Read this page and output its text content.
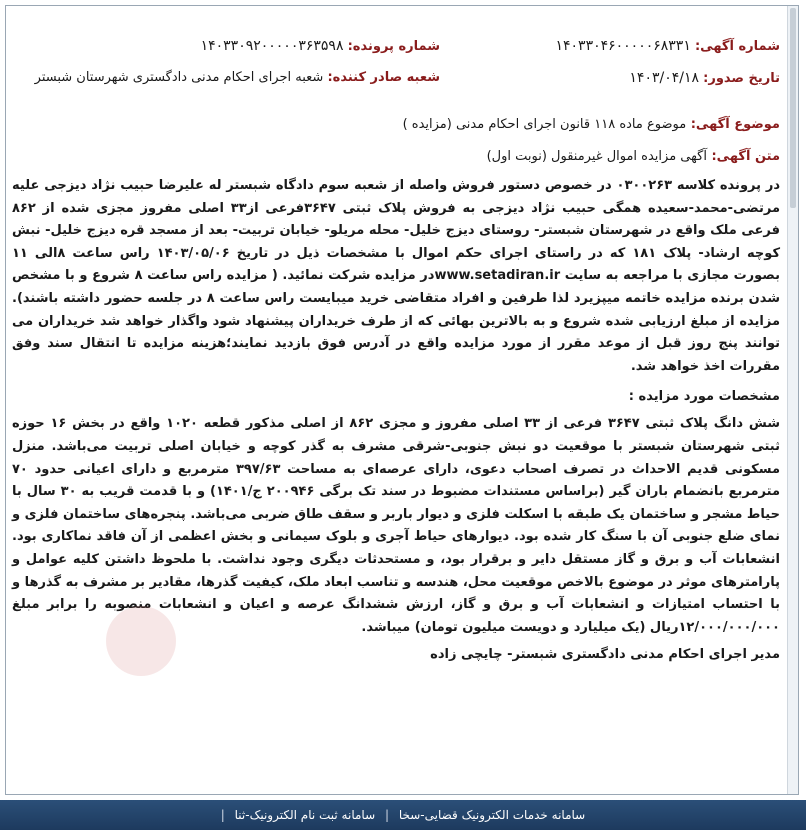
شماره آگهی: ۱۴۰۳۳۰۴۶۰۰۰۰۰۶۸۳۳۱
شماره پرونده: ۱۴۰۳۳۰۹۲۰۰۰۰۰۳۶۳۵۹۸
تاریخ صدور: ۱۴۰۳/۰۴/۱۸
شعبه صادر کننده: شعبه اجرای احکام مدنی دادگستری شهرستان شبستر
موضوع آگهی: موضوع ماده ۱۱۸ قانون اجرای احکام مدنی (مزایده )
متن آگهی: آگهی مزایده اموال غیرمنقول (نوبت اول)

در پرونده کلاسه ۰۳۰۰۲۶۳ در خصوص دستور فروش واصله از شعبه سوم دادگاه شبستر له علیرضا حبیب نژاد دیزجی علیه مرتضی-محمد-سعیده همگی حبیب نژاد دیزجی به فروش پلاک ثبتی ۳۶۴۷فرعی از۳۳ اصلی مفروز مجزی شده از ۸۶۲ فرعی ملک واقع در شهرستان شبستر- روستای دیزج خلیل- محله مریلو- خیابان تربیت- بعد از مسجد قره دیزج خلیل- نبش کوچه ارشاد- پلاک ۱۸۱ که در راستای اجرای حکم اموال با مشخصات ذیل در تاریخ ۱۴۰۳/۰۵/۰۶ راس ساعت ۸الی ۱۱ بصورت مجازی با مراجعه به سایت www.setadiran.irدر مزایده شرکت نمائید. ( مزایده راس ساعت ۸ شروع و با مشخص شدن برنده مزایده خاتمه میپزیرد لذا طرفین و افراد متقاضی خرید میبایست راس ساعت ۸ در جلسه حضور داشته باشند). مزایده از مبلغ ارزیابی شده شروع و به بالاترین بهائی که از طرف خریداران پیشنهاد شود واگذار خواهد شد خریداران می توانند پنج روز قبل از موعد مقرر از مورد مزایده واقع در آدرس فوق بازدید نمایند؛هزینه مزایده تا انتقال سند وفق مقررات اخذ خواهد شد.

مشخصات مورد مزایده :

شش دانگ پلاک ثبتی ۳۶۴۷ فرعی از ۳۳ اصلی مفروز و مجزی ۸۶۲ از اصلی مذکور قطعه ۱۰۲۰ واقع در بخش ۱۶ حوزه ثبتی شهرستان شبستر با موقعیت دو نبش جنوبی-شرقی مشرف به گذر کوچه و خیابان اصلی تربیت می‌باشد. منزل مسکونی قدیم الاحداث در تصرف اصحاب دعوی، دارای عرصه‌ای به مساحت ۳۹۷/۶۳ مترمربع و دارای اعیانی حدود ۷۰ مترمربع بانضمام باران گیر (براساس مستندات مضبوط در سند تک برگی ۲۰۰۹۴۶ ج/۱۴۰۱) و با قدمت قریب به ۳۰ سال با حیاط مشجر و ساختمان یک طبقه با اسکلت فلزی و دیوار باربر و سقف طاق ضربی می‌باشد. پنجره‌های ساختمان فلزی و نمای ضلع جنوبی آن با سنگ کار شده بود. دیوارهای حیاط آجری و بلوک سیمانی و بخش اعظمی از آن فاقد نماکاری بود. انشعابات آب و برق و گاز مستقل دایر و برقرار بود، و مستحدثات دیگری وجود نداشت. با ملحوظ داشتن کلیه عوامل و پارامترهای موثر در موضوع بالاخص موقعیت محل، هندسه و تناسب ابعاد ملک، کیفیت گذرها، مقادیر بر مشرف به گذرها و با احتساب امتیازات و انشعابات آب و برق و گاز، ارزش ششدانگ عرصه و اعیان و انشعابات منصوبه را برابر مبلغ ۱۲/۰۰۰/۰۰۰/۰۰۰ریال (یک میلیارد و دویست میلیون تومان) میباشد.

مدیر اجرای احکام مدنی دادگستری شبستر- چایچی زاده
سامانه خدمات الکترونیک قضایی-سخا | سامانه ثبت نام الکترونیک-ثنا |
